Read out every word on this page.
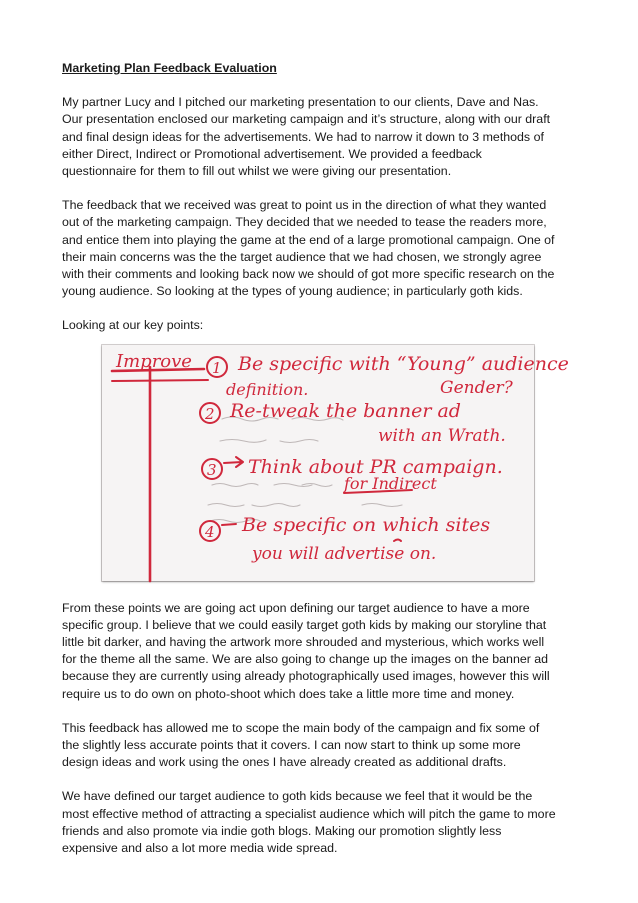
Marketing Plan Feedback Evaluation
My partner Lucy and I pitched our marketing presentation to our clients, Dave and Nas.
Our presentation enclosed our marketing campaign and it’s structure, along with our draft
and final design ideas for the advertisements. We had to narrow it down to 3 methods of
either Direct, Indirect or Promotional advertisement. We provided a feedback
questionnaire for them to fill out whilst we were giving our presentation.
The feedback that we received was great to point us in the direction of what they wanted
out of the marketing campaign. They decided that we needed to tease the readers more,
and entice them into playing the game at the end of a large promotional campaign. One of
their main concerns was the the target audience that we had chosen, we strongly agree
with their comments and looking back now we should of got more specific research on the
young audience. So looking at the types of young audience; in particularly goth kids.
Looking at our key points:
Improve 1 Be specific with “Young” audience
definition.	Gender?
2 Re-tweak the banner ad
with an Wrath.
3 Think about PR campaign.
for Indirect
4 Be specific on which sites
you will advertise on.
From these points we are going act upon defining our target audience to have a more
specific group. I believe that we could easily target goth kids by making our storyline that
little bit darker, and having the artwork more shrouded and mysterious, which works well
for the theme all the same. We are also going to change up the images on the banner ad
because they are currently using already photographically used images, however this will
require us to do own on photo-shoot which does take a little more time and money.
This feedback has allowed me to scope the main body of the campaign and fix some of
the slightly less accurate points that it covers. I can now start to think up some more
design ideas and work using the ones I have already created as additional drafts.
We have defined our target audience to goth kids because we feel that it would be the
most effective method of attracting a specialist audience which will pitch the game to more
friends and also promote via indie goth blogs. Making our promotion slightly less
expensive and also a lot more media wide spread.
